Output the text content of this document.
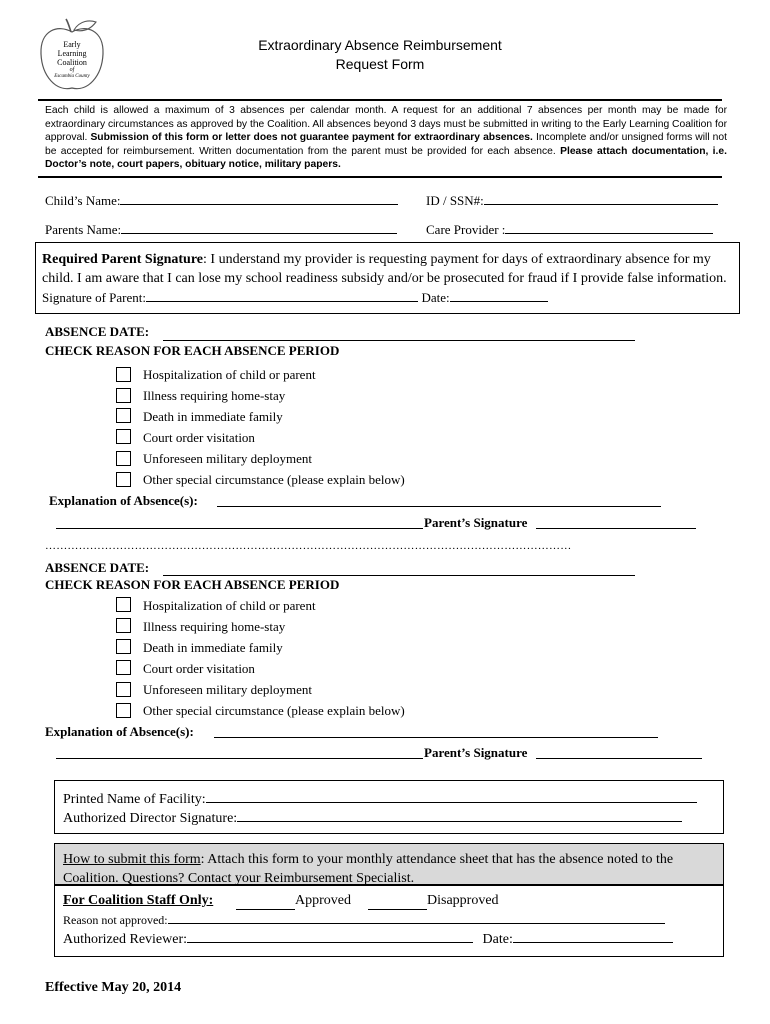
Early
Learning
Coalition
of
Escambia County
Extraordinary Absence Reimbursement
Request Form
Each child is allowed a maximum of 3 absences per calendar month. A request for an additional 7 absences per month may be made for extraordinary circumstances as approved by the Coalition. All absences beyond 3 days must be submitted in writing to the Early Learning Coalition for approval. Submission of this form or letter does not guarantee payment for extraordinary absences. Incomplete and/or unsigned forms will not be accepted for reimbursement. Written documentation from the parent must be provided for each absence. Please attach documentation, i.e. Doctor’s note, court papers, obituary notice, military papers.
Child’s Name:	ID / SSN#:
Parents Name:	Care Provider :
Required Parent Signature: I understand my provider is requesting payment for days of extraordinary absence for my child. I am aware that I can lose my school readiness subsidy and/or be prosecuted for fraud if I provide false information. Signature of Parent:	Date:
ABSENCE DATE:
CHECK REASON FOR EACH ABSENCE PERIOD
Hospitalization of child or parent
Illness requiring home-stay
Death in immediate family
Court order visitation
Unforeseen military deployment
Other special circumstance (please explain below)
Explanation of Absence(s):
Parent’s Signature
……………………………………………………………………………………………………………………………
ABSENCE DATE:
CHECK REASON FOR EACH ABSENCE PERIOD
Hospitalization of child or parent
Illness requiring home-stay
Death in immediate family
Court order visitation
Unforeseen military deployment
Other special circumstance (please explain below)
Explanation of Absence(s):
Parent’s Signature
Printed Name of Facility:
Authorized Director Signature:
How to submit this form: Attach this form to your monthly attendance sheet that has the absence noted to the Coalition. Questions? Contact your Reimbursement Specialist.
For Coalition Staff Only:	Approved	Disapproved
Reason not approved:
Authorized Reviewer:	Date:
Effective May 20, 2014
